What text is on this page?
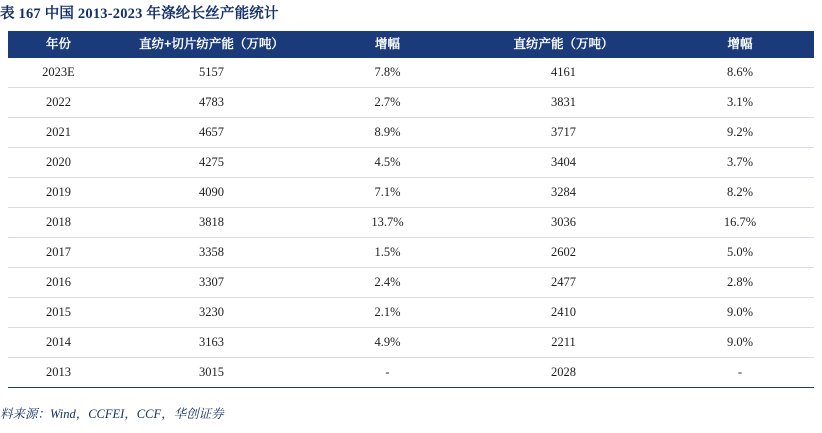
表 167 中国 2013-2023 年涤纶长丝产能统计
年份	直纺+切片纺产能（万吨）	增幅	直纺产能（万吨）	增幅
2023E	5157	7.8%	4161	8.6%
2022	4783	2.7%	3831	3.1%
2021	4657	8.9%	3717	9.2%
2020	4275	4.5%	3404	3.7%
2019	4090	7.1%	3284	8.2%
2018	3818	13.7%	3036	16.7%
2017	3358	1.5%	2602	5.0%
2016	3307	2.4%	2477	2.8%
2015	3230	2.1%	2410	9.0%
2014	3163	4.9%	2211	9.0%
2013	3015	-	2028	-
料来源：Wind，CCFEI，CCF，华创证券
